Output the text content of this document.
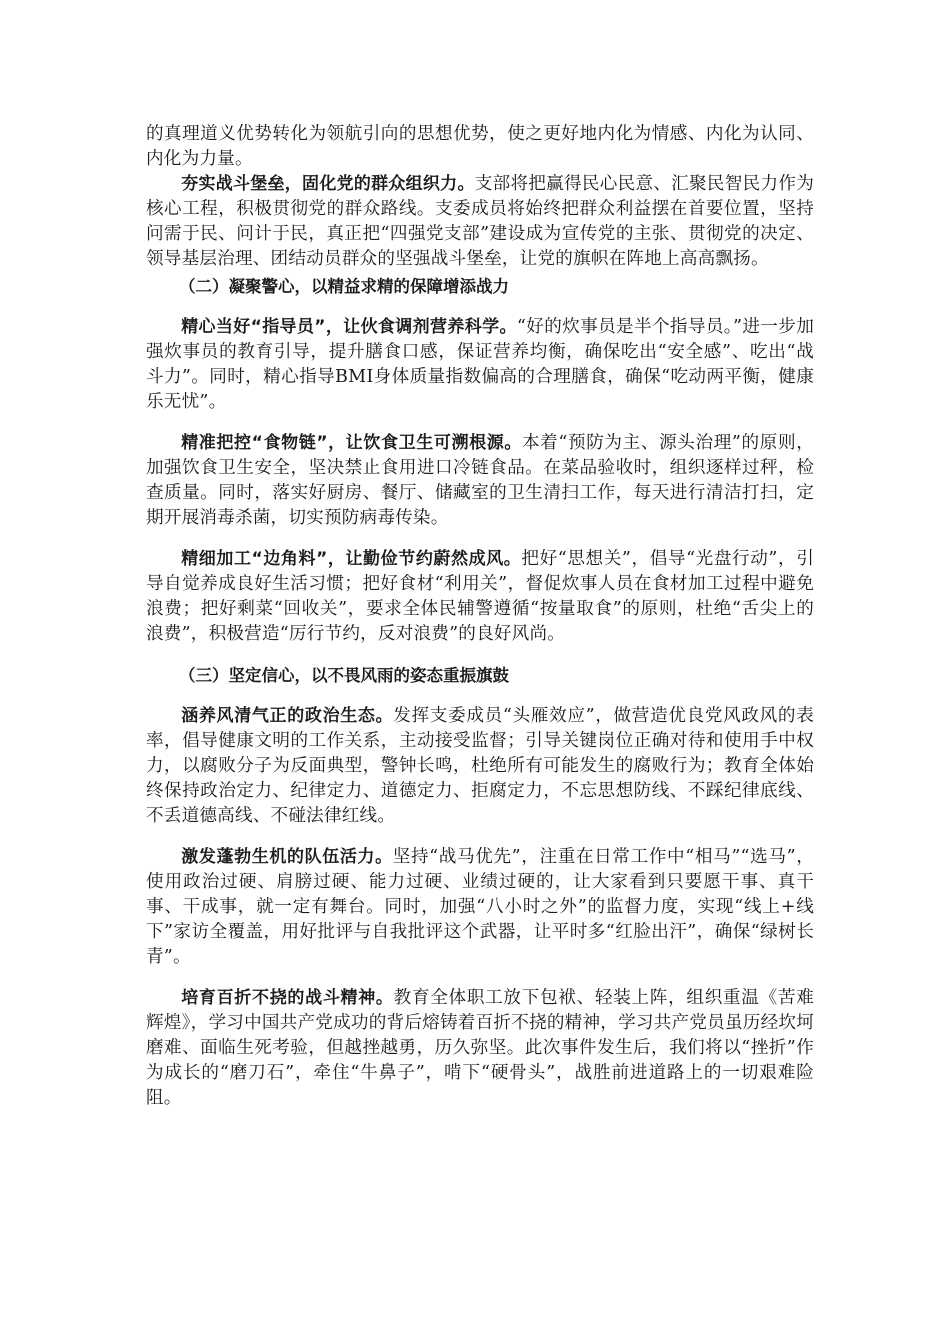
的真理道义优势转化为领航引向的思想优势，使之更好地内化为情感、内化为认同、内化为力量。

夯实战斗堡垒，固化党的群众组织力。支部将把赢得民心民意、汇聚民智民力作为核心工程，积极贯彻党的群众路线。支委成员将始终把群众利益摆在首要位置，坚持问需于民、问计于民，真正把“四强党支部”建设成为宣传党的主张、贯彻党的决定、领导基层治理、团结动员群众的坚强战斗堡垒，让党的旗帜在阵地上高高飘扬。

（二）凝聚警心，以精益求精的保障增添战力

精心当好“指导员”，让伙食调剂营养科学。“好的炊事员是半个指导员。”进一步加强炊事员的教育引导，提升膳食口感，保证营养均衡，确保吃出“安全感”、吃出“战斗力”。同时，精心指导BMI身体质量指数偏高的合理膳食，确保“吃动两平衡，健康乐无忧”。

精准把控“食物链”，让饮食卫生可溯根源。本着“预防为主、源头治理”的原则，加强饮食卫生安全，坚决禁止食用进口冷链食品。在菜品验收时，组织逐样过秤，检查质量。同时，落实好厨房、餐厅、储藏室的卫生清扫工作，每天进行清洁打扫，定期开展消毒杀菌，切实预防病毒传染。

精细加工“边角料”，让勤俭节约蔚然成风。把好“思想关”，倡导“光盘行动”，引导自觉养成良好生活习惯；把好食材“利用关”，督促炊事人员在食材加工过程中避免浪费；把好剩菜“回收关”，要求全体民辅警遵循“按量取食”的原则，杜绝“舌尖上的浪费”，积极营造“厉行节约，反对浪费”的良好风尚。

（三）坚定信心，以不畏风雨的姿态重振旗鼓

涵养风清气正的政治生态。发挥支委成员“头雁效应”，做营造优良党风政风的表率，倡导健康文明的工作关系，主动接受监督；引导关键岗位正确对待和使用手中权力，以腐败分子为反面典型，警钟长鸣，杜绝所有可能发生的腐败行为；教育全体始终保持政治定力、纪律定力、道德定力、拒腐定力，不忘思想防线、不踩纪律底线、不丢道德高线、不碰法律红线。

激发蓬勃生机的队伍活力。坚持“战马优先”，注重在日常工作中“相马”“选马”，使用政治过硬、肩膀过硬、能力过硬、业绩过硬的，让大家看到只要愿干事、真干事、干成事，就一定有舞台。同时，加强“八小时之外”的监督力度，实现“线上+线下”家访全覆盖，用好批评与自我批评这个武器，让平时多“红脸出汗”，确保“绿树长青”。

培育百折不挠的战斗精神。教育全体职工放下包袱、轻装上阵，组织重温《苦难辉煌》，学习中国共产党成功的背后熔铸着百折不挠的精神，学习共产党员虽历经坎坷磨难、面临生死考验，但越挫越勇，历久弥坚。此次事件发生后，我们将以“挫折”作为成长的“磨刀石”，牵住“牛鼻子”，啃下“硬骨头”，战胜前进道路上的一切艰难险阻。
